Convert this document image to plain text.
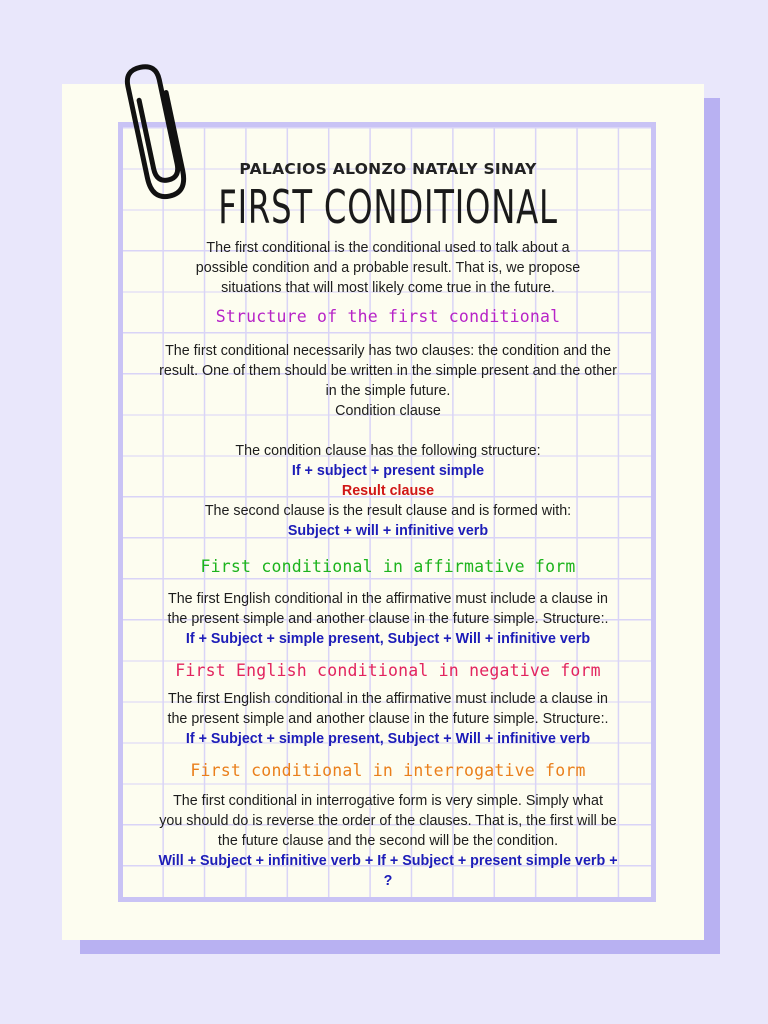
PALACIOS ALONZO NATALY SINAY
FIRST CONDITIONAL

The first conditional is the conditional used to talk about a

possible condition and a probable result. That is, we propose

situations that will most likely come true in the future.

Structure of the first conditional

The first conditional necessarily has two clauses: the condition and the

result. One of them should be written in the simple present and the other

in the simple future.

Condition clause

The condition clause has the following structure:

If + subject + present simple

Result clause

The second clause is the result clause and is formed with:

Subject + will + infinitive verb

First conditional in affirmative form

The first English conditional in the affirmative must include a clause in

the present simple and another clause in the future simple. Structure:.

If + Subject + simple present, Subject + Will + infinitive verb

First English conditional in negative form

The first English conditional in the affirmative must include a clause in

the present simple and another clause in the future simple. Structure:.

If + Subject + simple present, Subject + Will + infinitive verb

First conditional in interrogative form

The first conditional in interrogative form is very simple. Simply what

you should do is reverse the order of the clauses. That is, the first will be

the future clause and the second will be the condition.

Will + Subject + infinitive verb + If + Subject + present simple verb +

?
